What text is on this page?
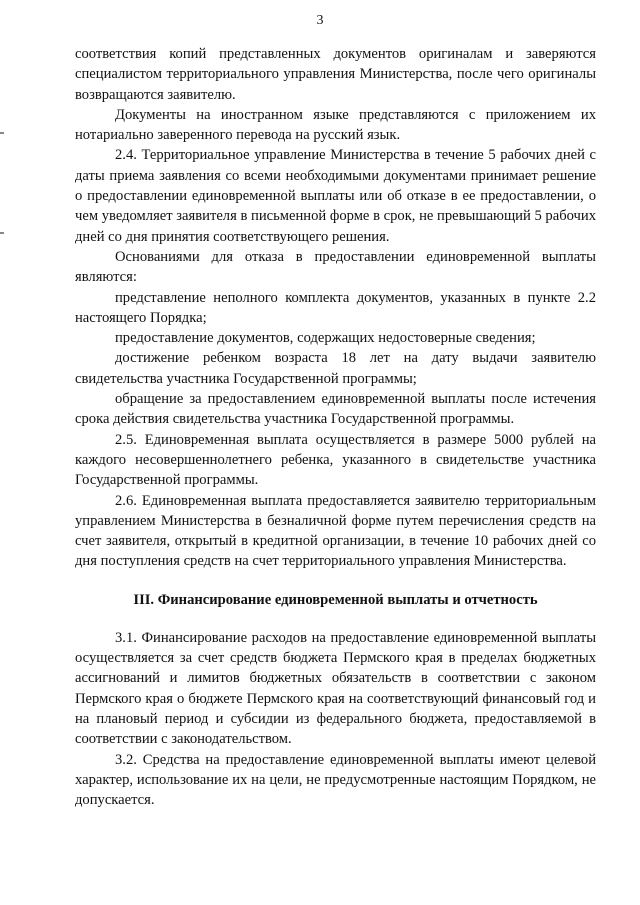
3

соответствия копий представленных документов оригиналам и заверяются специалистом территориального управления Министерства, после чего оригиналы возвращаются заявителю.

Документы на иностранном языке представляются с приложением их нотариально заверенного перевода на русский язык.

2.4. Территориальное управление Министерства в течение 5 рабочих дней с даты приема заявления со всеми необходимыми документами принимает решение о предоставлении единовременной выплаты или об отказе в ее предоставлении, о чем уведомляет заявителя в письменной форме в срок, не превышающий 5 рабочих дней со дня принятия соответствующего решения.

Основаниями для отказа в предоставлении единовременной выплаты являются:

представление неполного комплекта документов, указанных в пункте 2.2 настоящего Порядка;

предоставление документов, содержащих недостоверные сведения;

достижение ребенком возраста 18 лет на дату выдачи заявителю свидетельства участника Государственной программы;

обращение за предоставлением единовременной выплаты после истечения срока действия свидетельства участника Государственной программы.

2.5. Единовременная выплата осуществляется в размере 5000 рублей на каждого несовершеннолетнего ребенка, указанного в свидетельстве участника Государственной программы.

2.6. Единовременная выплата предоставляется заявителю территориальным управлением Министерства в безналичной форме путем перечисления средств на счет заявителя, открытый в кредитной организации, в течение 10 рабочих дней со дня поступления средств на счет территориального управления Министерства.

III. Финансирование единовременной выплаты и отчетность

3.1. Финансирование расходов на предоставление единовременной выплаты осуществляется за счет средств бюджета Пермского края в пределах бюджетных ассигнований и лимитов бюджетных обязательств в соответствии с законом Пермского края о бюджете Пермского края на соответствующий финансовый год и на плановый период и субсидии из федерального бюджета, предоставляемой в соответствии с законодательством.

3.2. Средства на предоставление единовременной выплаты имеют целевой характер, использование их на цели, не предусмотренные настоящим Порядком, не допускается.
